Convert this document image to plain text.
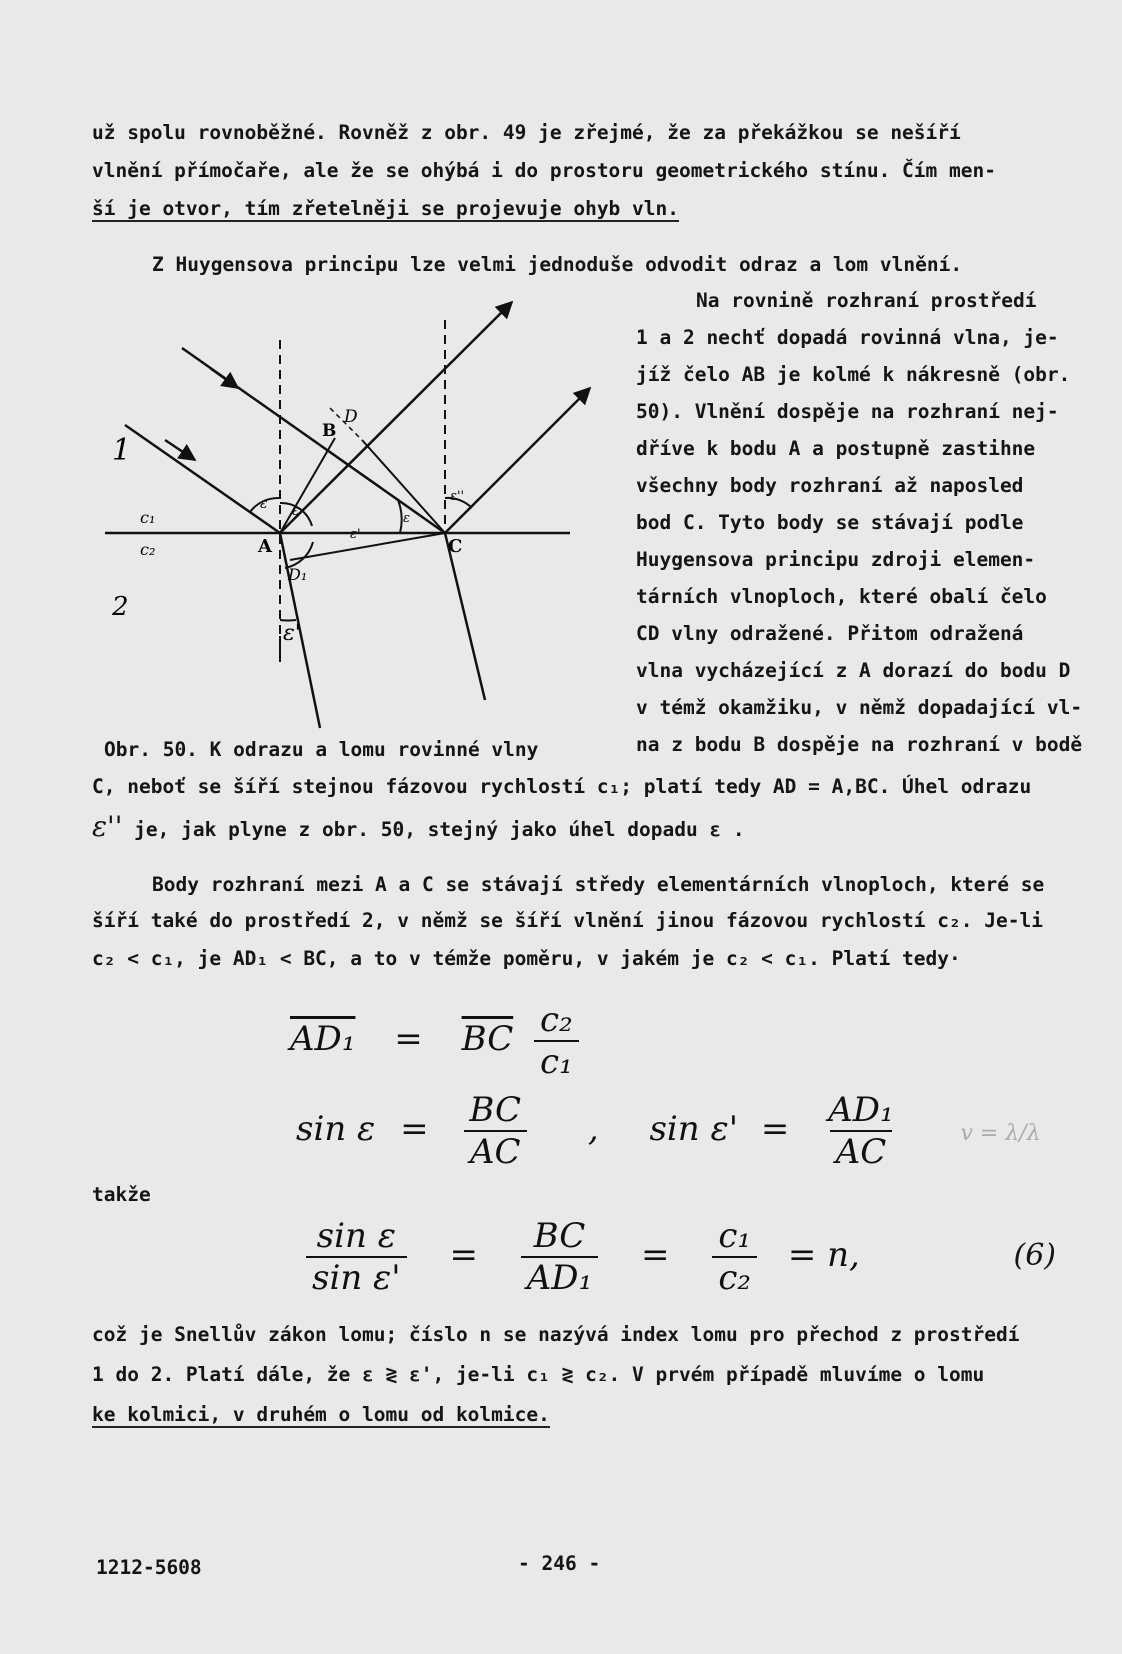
už spolu rovnoběžné. Rovněž z obr. 49 je zřejmé, že za překážkou se nešíří
vlnění přímočaře, ale že se ohýbá i do prostoru geometrického stínu. Čím men-
ší je otvor, tím zřetelněji se projevuje ohyb vln.
Z Huygensova principu lze velmi jednoduše odvodit odraz a lom vlnění.
Na rovnině rozhraní prostředí
1 a 2 nechť dopadá rovinná vlna, je-
jíž čelo AB je kolmé k nákresně (obr.
50). Vlnění dospěje na rozhraní nej-
dříve k bodu A a postupně zastihne
všechny body rozhraní až naposled
bod C. Tyto body se stávají podle
Huygensova principu zdroji elemen-
tárních vlnoploch, které obalí čelo
CD vlny odražené. Přitom odražená
vlna vycházející z A dorazí do bodu D
v témž okamžiku, v němž dopadající vl-
na z bodu B dospěje na rozhraní v bodě
1
2
c₁
c₂	A
B
C
D
D₁
ε ε	ε
ε'
ε''
ε'
Obr. 50. K odrazu a lomu rovinné vlny
C, neboť se šíří stejnou fázovou rychlostí c₁; platí tedy AD = A,BC. Úhel odrazu
ε'' je, jak plyne z obr. 50, stejný jako úhel dopadu ε .
Body rozhraní mezi A a C se stávají středy elementárních vlnoploch, které se
šíří také do prostředí 2, v němž se šíří vlnění jinou fázovou rychlostí c₂. Je-li
c₂ < c₁, je AD₁ < BC, a to v témže poměru, v jakém je c₂ < c₁. Platí tedy·
$AD_1 = \overline{BC} \frac{\text{c₂}}{\text{c₁}}$
$\sin \varepsilon = \frac{BC}{AC}$ , $\sin \varepsilon' = \frac{\text{AD₁}}{AC}$	v = λ/λ
takže
$\frac{\text{sin ε}}{\text{sin ε'}} = \frac{BC}{\text{AD₁}} = \frac{\text{c₁}}{\text{c₂}} = n$,	(6)
což je Snellův zákon lomu; číslo n se nazývá index lomu pro přechod z prostředí
1 do 2. Platí dále, že ε ≷ ε', je-li c₁ ≷ c₂. V prvém případě mluvíme o lomu
ke kolmici, v druhém o lomu od kolmice.
1212-5608	- 246 -
